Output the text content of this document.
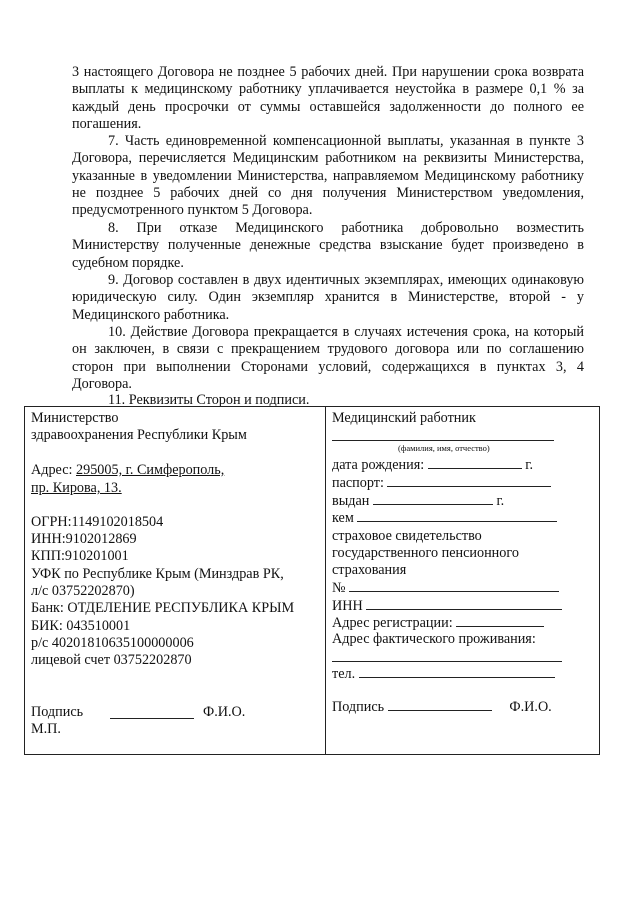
3 настоящего Договора не позднее 5 рабочих дней. При нарушении срока возврата выплаты к медицинскому работнику уплачивается неустойка в размере 0,1 % за каждый день просрочки от суммы оставшейся задолженности до полного ее погашения.

7. Часть единовременной компенсационной выплаты, указанная в пункте 3 Договора, перечисляется Медицинским работником на реквизиты Министерства, указанные в уведомлении Министерства, направляемом Медицинскому работнику не позднее 5 рабочих дней со дня получения Министерством уведомления, предусмотренного пунктом 5 Договора.

8. При отказе Медицинского работника добровольно возместить Министерству полученные денежные средства взыскание будет произведено в судебном порядке.

9. Договор составлен в двух идентичных экземплярах, имеющих одинаковую юридическую силу. Один экземпляр хранится в Министерстве, второй - у Медицинского работника.

10. Действие Договора прекращается в случаях истечения срока, на который он заключен, в связи с прекращением трудового договора или по соглашению сторон при выполнении Сторонами условий, содержащихся в пунктах 3, 4 Договора.

11. Реквизиты Сторон и подписи.
Министерство
здравоохранения Республики Крым
Адрес: 295005, г. Симферополь,
пр. Кирова, 13.
ОГРН:1149102018504
ИНН:9102012869
КПП:910201001
УФК по Республике Крым (Минздрав РК,
л/с 03752202870)
Банк: ОТДЕЛЕНИЕ РЕСПУБЛИКА КРЫМ
БИК: 043510001
р/с 40201810635100000006
лицевой счет 03752202870
Подпись	Ф.И.О.
М.П.

Медицинский работник
(фамилия, имя, отчество)
дата рождения:	г.
паспорт:
выдан	г.
кем
страховое свидетельство
государственного пенсионного
страхования
№
ИНН
Адрес регистрации:
Адрес фактического проживания:
тел.
Подпись	Ф.И.О.
